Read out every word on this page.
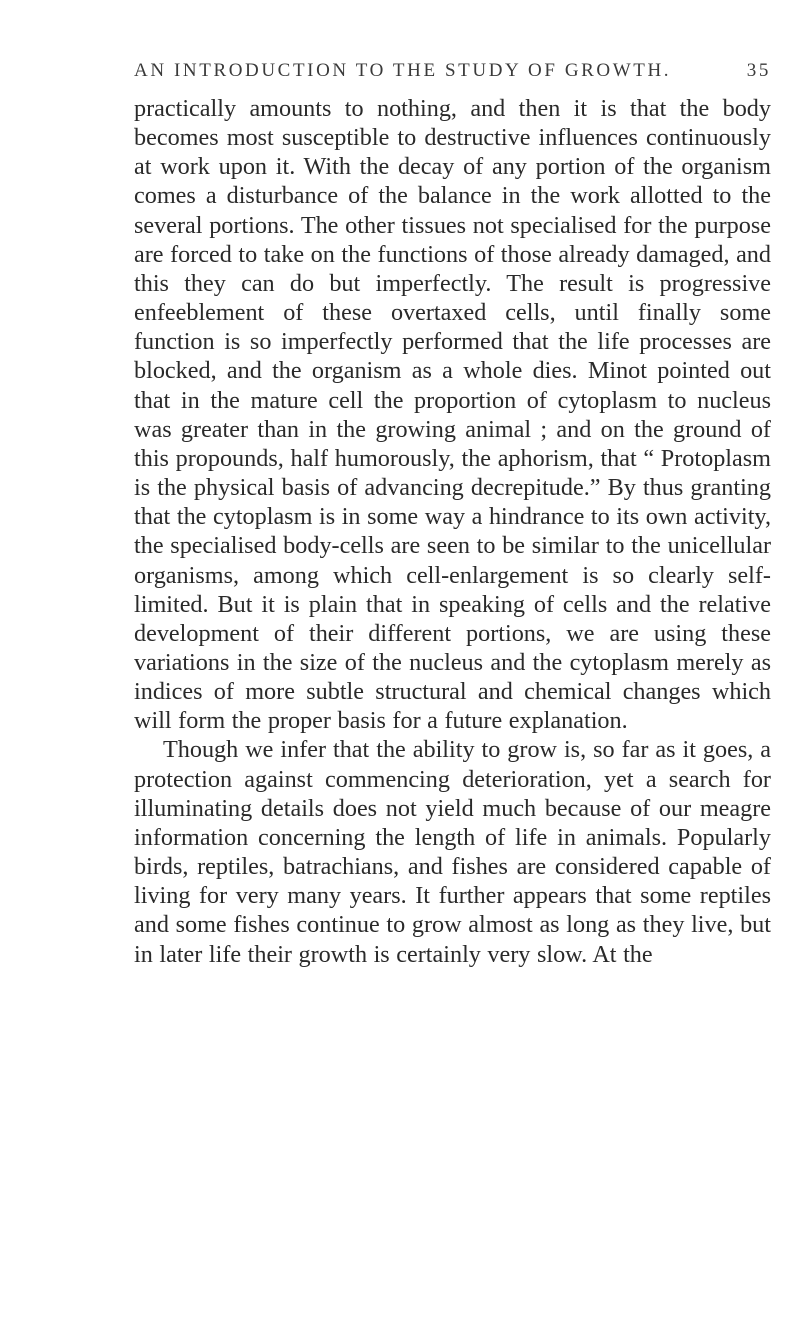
AN INTRODUCTION TO THE STUDY OF GROWTH.	35

practically amounts to nothing, and then it is that the body becomes most susceptible to destructive influences continuously at work upon it. With the decay of any portion of the organism comes a disturbance of the balance in the work allotted to the several portions. The other tissues not specialised for the purpose are forced to take on the functions of those already damaged, and this they can do but imperfectly. The result is progressive enfeeblement of these overtaxed cells, until finally some function is so imperfectly performed that the life processes are blocked, and the organism as a whole dies. Minot pointed out that in the mature cell the proportion of cytoplasm to nucleus was greater than in the growing animal ; and on the ground of this propounds, half humorously, the aphorism, that “ Protoplasm is the physical basis of advancing decrepitude.” By thus granting that the cytoplasm is in some way a hindrance to its own activity, the specialised body-cells are seen to be similar to the unicellular organisms, among which cell-enlargement is so clearly self-limited. But it is plain that in speaking of cells and the relative development of their different portions, we are using these variations in the size of the nucleus and the cytoplasm merely as indices of more subtle structural and chemical changes which will form the proper basis for a future explanation.

Though we infer that the ability to grow is, so far as it goes, a protection against commencing deterioration, yet a search for illuminating details does not yield much because of our meagre information concerning the length of life in animals. Popularly birds, reptiles, batrachians, and fishes are considered capable of living for very many years. It further appears that some reptiles and some fishes continue to grow almost as long as they live, but in later life their growth is certainly very slow. At the
